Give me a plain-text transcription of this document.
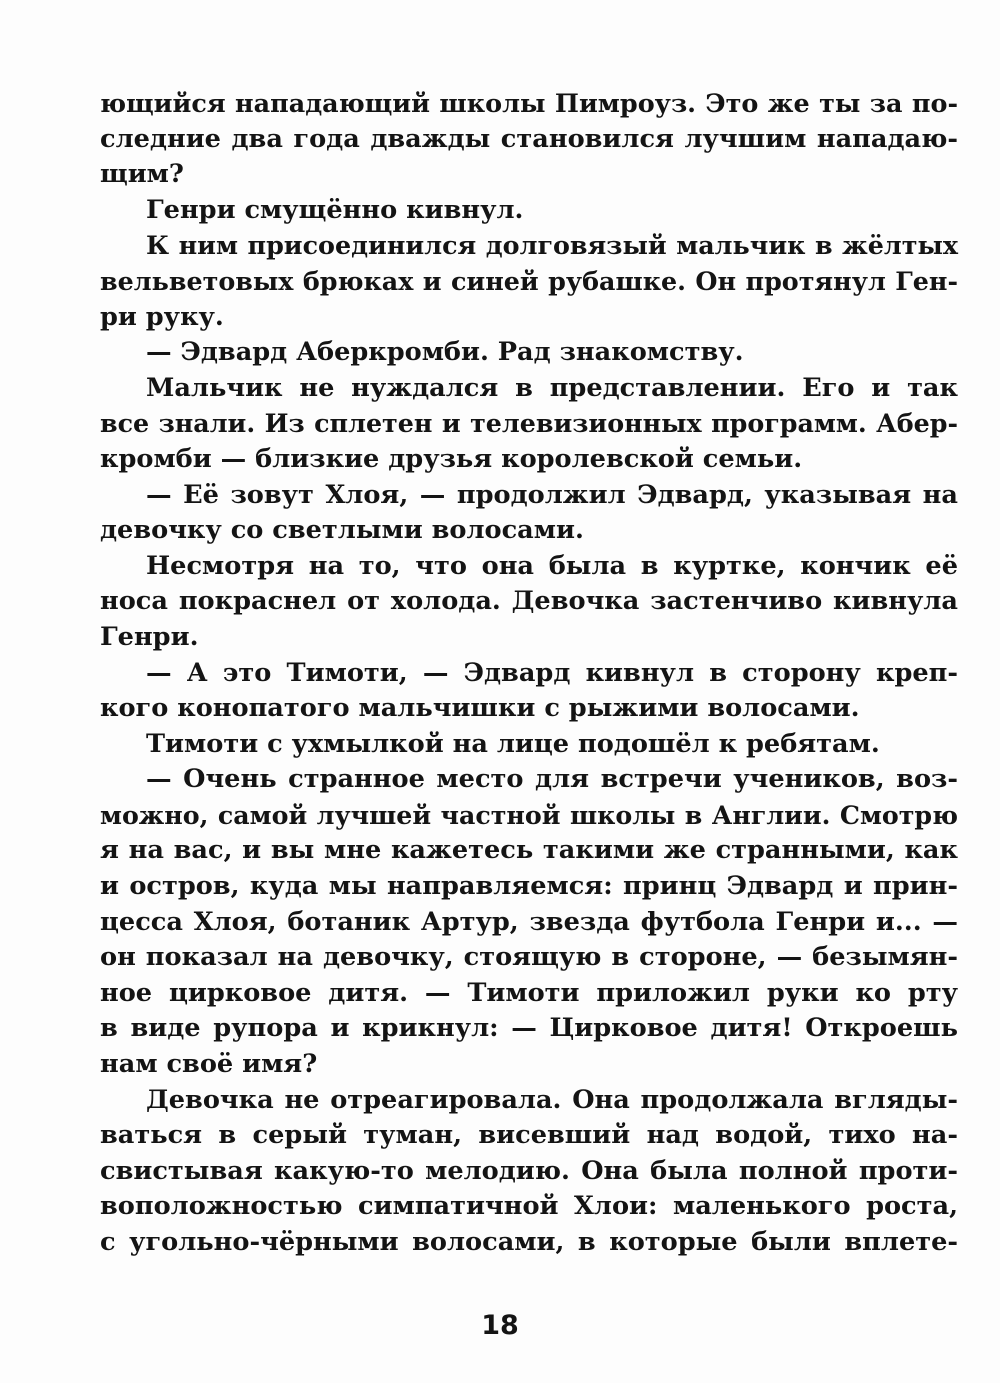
ющийся нападающий школы Пимроуз. Это же ты за по-
следние два года дважды становился лучшим нападаю-
щим?
Генри смущённо кивнул.
К ним присоединился долговязый мальчик в жёлтых
вельветовых брюках и синей рубашке. Он протянул Ген-
ри руку.
— Эдвард Аберкромби. Рад знакомству.
Мальчик не нуждался в представлении. Его и так
все знали. Из сплетен и телевизионных программ. Абер-
кромби — близкие друзья королевской семьи.
— Её зовут Хлоя, — продолжил Эдвард, указывая на
девочку со светлыми волосами.
Несмотря на то, что она была в куртке, кончик её
носа покраснел от холода. Девочка застенчиво кивнула
Генри.
— А это Тимоти, — Эдвард кивнул в сторону креп-
кого конопатого мальчишки с рыжими волосами.
Тимоти с ухмылкой на лице подошёл к ребятам.
— Очень странное место для встречи учеников, воз-
можно, самой лучшей частной школы в Англии. Смотрю
я на вас, и вы мне кажетесь такими же странными, как
и остров, куда мы направляемся: принц Эдвард и прин-
цесса Хлоя, ботаник Артур, звезда футбола Генри и... —
он показал на девочку, стоящую в стороне, — безымян-
ное цирковое дитя. — Тимоти приложил руки ко рту
в виде рупора и крикнул: — Цирковое дитя! Откроешь
нам своё имя?
Девочка не отреагировала. Она продолжала вгляды-
ваться в серый туман, висевший над водой, тихо на-
свистывая какую-то мелодию. Она была полной проти-
воположностью симпатичной Хлои: маленького роста,
с угольно-чёрными волосами, в которые были вплете-
18
